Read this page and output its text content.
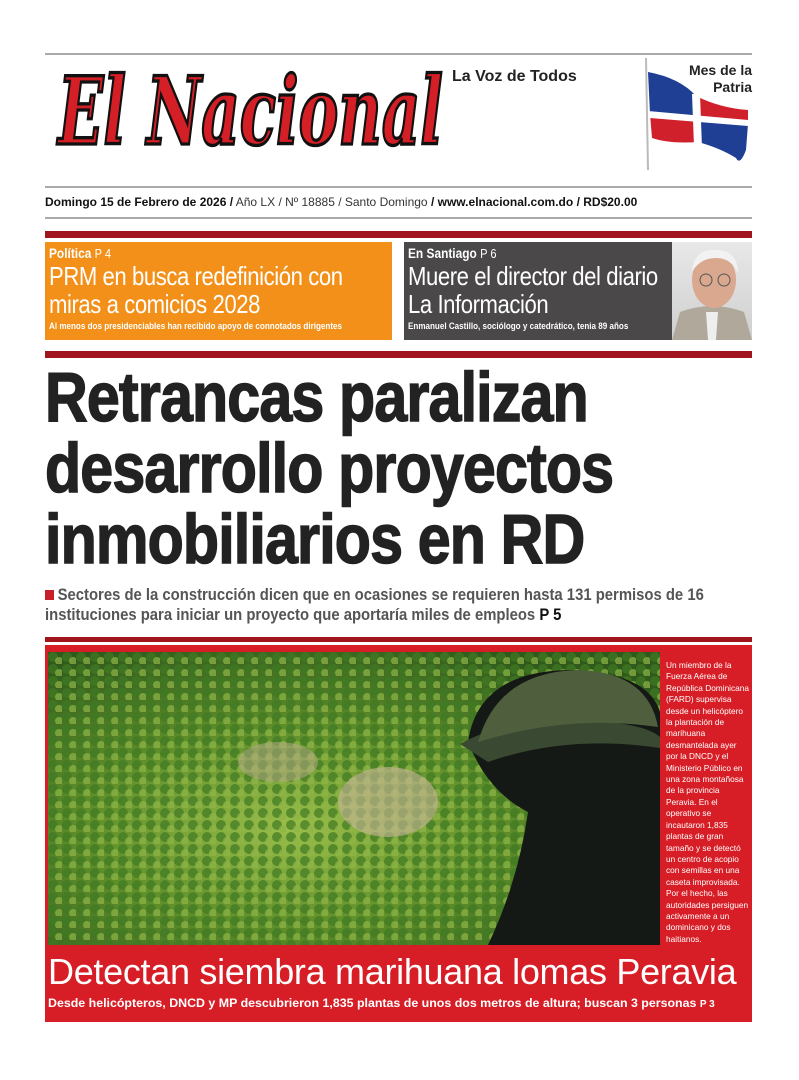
El Nacional La Voz de Todos	Mes de la Patria
Domingo 15 de Febrero de 2026 / Año LX / Nº 18885 / Santo Domingo / www.elnacional.com.do / RD$20.00
Política P 4
PRM en busca redefinición con miras a comicios 2028
Al menos dos presidenciables han recibido apoyo de connotados dirigentes
En Santiago P 6
Muere el director del diario La Información
Enmanuel Castillo, sociólogo y catedrático, tenia 89 años
Retrancas paralizan desarrollo proyectos inmobiliarios en RD
Sectores de la construcción dicen que en ocasiones se requieren hasta 131 permisos de 16 instituciones para iniciar un proyecto que aportaría miles de empleos P 5
Un miembro de la Fuerza Aérea de República Dominicana (FARD) supervisa desde un helicóptero la plantación de marihuana desmantelada ayer por la DNCD y el Ministerio Público en una zona montañosa de la provincia Peravia. En el operativo se incautaron 1,835 plantas de gran tamaño y se detectó un centro de acopio con semillas en una caseta improvisada. Por el hecho, las autoridades persiguen activamente a un dominicano y dos haitianos.
Detectan siembra marihuana lomas Peravia
Desde helicópteros, DNCD y MP descubrieron 1,835 plantas de unos dos metros de altura; buscan 3 personas P 3
